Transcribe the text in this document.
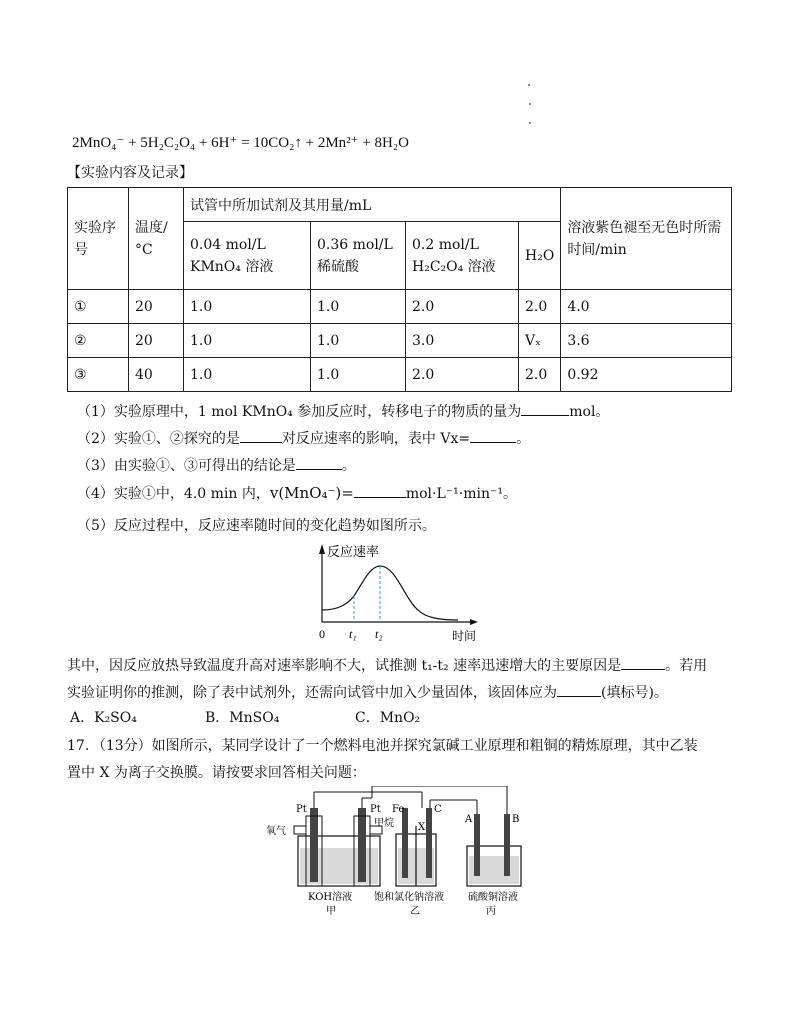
2MnO₄⁻ + 5H₂C₂O₄ + 6H⁺ = 10CO₂↑ + 2Mn²⁺ + 8H₂O
【实验内容及记录】
实验序号	温度/°C	试管中所加试剂及其用量/mL				溶液紫色褪至无色时所需时间/min
		0.04 mol/L KMnO₄ 溶液	0.36 mol/L 稀硫酸	0.2 mol/L H₂C₂O₄ 溶液	H₂O	
①	20	1.0	1.0	2.0	2.0	4.0
②	20	1.0	1.0	3.0	Vₓ	3.6
③	40	1.0	1.0	2.0	2.0	0.92
（1）实验原理中，1 mol KMnO₄ 参加反应时，转移电子的物质的量为	mol。
（2）实验①、②探究的是	对反应速率的影响，表中 Vx=	。
（3）由实验①、③可得出的结论是	。
（4）实验①中，4.0 min 内，v(MnO₄⁻)=	mol·L⁻¹·min⁻¹。
（5）反应过程中，反应速率随时间的变化趋势如图所示。
反应速率
时间
0 t₁ t₂
其中，因反应放热导致温度升高对速率影响不大，试推测 t₁-t₂ 速率迅速增大的主要原因是	。若用
实验证明你的推测，除了表中试剂外，还需向试管中加入少量固体，该固体应为	(填标号)。
A．K₂SO₄	B．MnSO₄	C．MnO₂
17．（13分）如图所示，某同学设计了一个燃料电池并探究氯碱工业原理和粗铜的精炼原理，其中乙装
置中 X 为离子交换膜。请按要求回答相关问题：
Pt	Pt Fe	C
X
A	B
氧气
甲烷
KOH溶液
甲
饱和氯化钠溶液
乙
硫酸铜溶液
丙
